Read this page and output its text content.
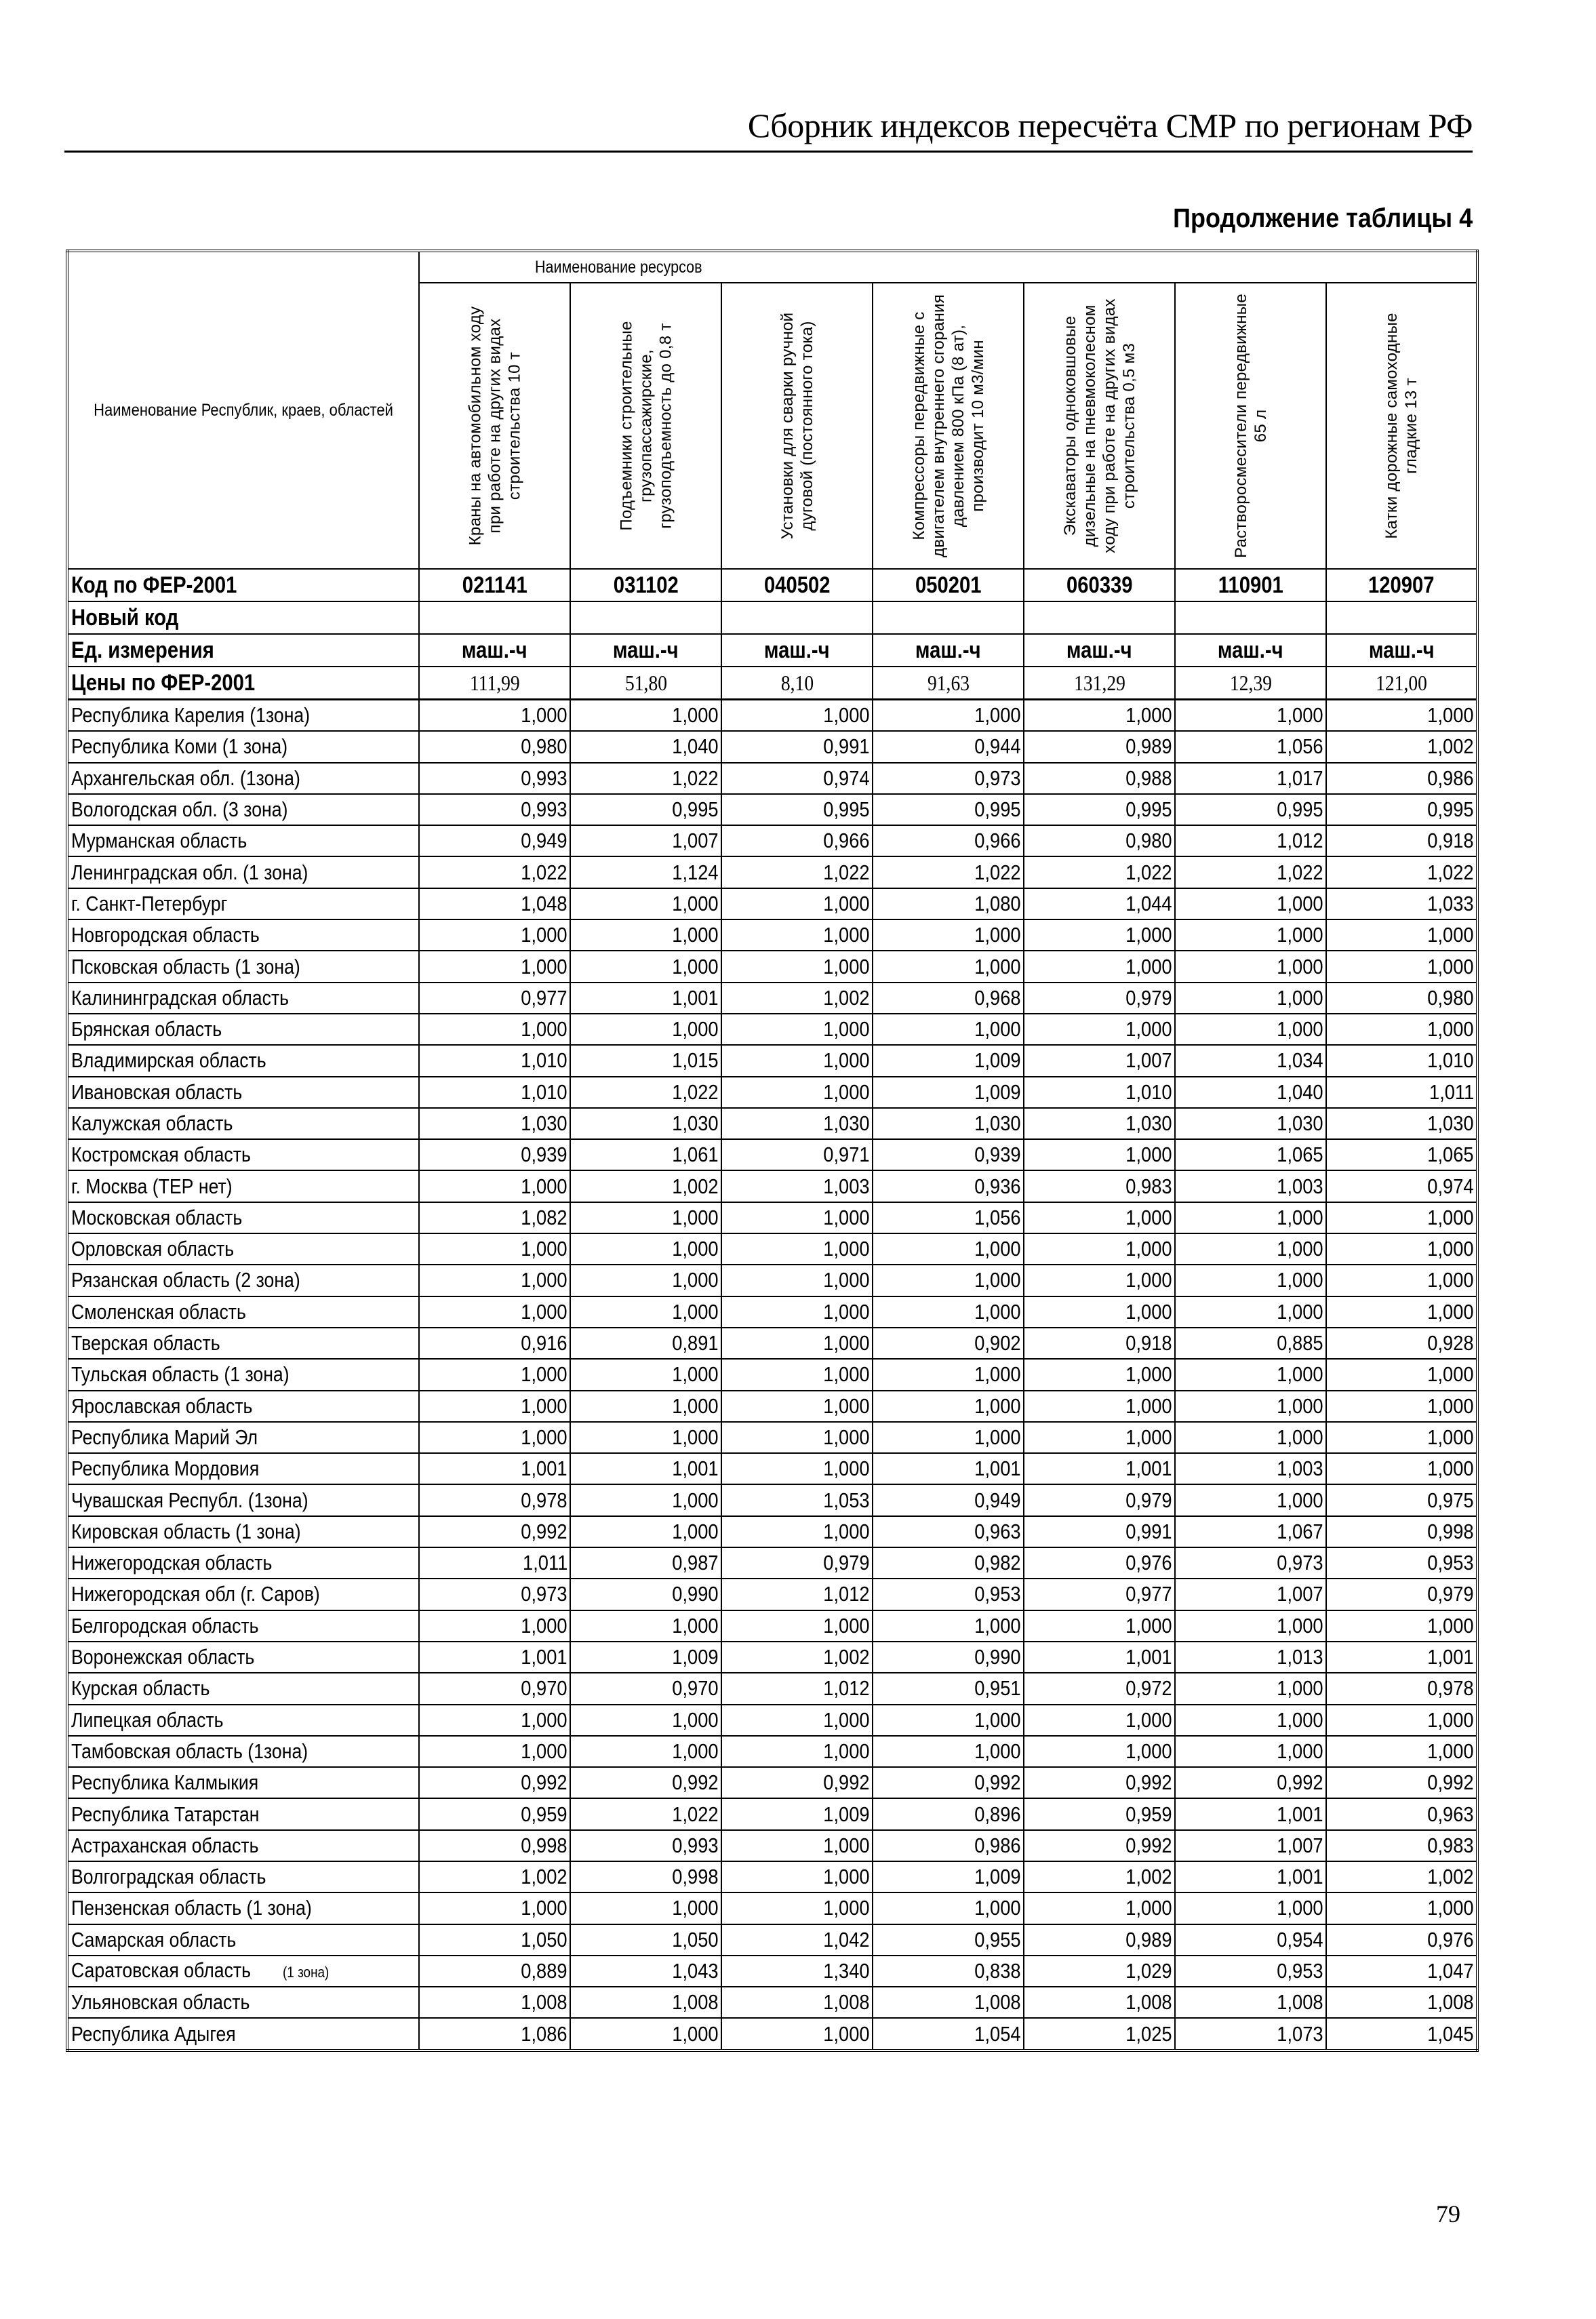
Сборник индексов пересчёта СМР по регионам РФ
Продолжение таблицы 4
Наименование Республик, краев, областей	Наименование ресурсов						

	Краны на автомобильном ходу при работе на других видах строительства 10 т	Подъемники строительные грузопассажирские, грузоподъемность до 0,8 т	Установки для сварки ручной дуговой (постоянного тока)	Компрессоры передвижные с двигателем внутреннего сгорания давлением 800 кПа (8 ат), производит 10 м3/мин	Экскаваторы одноковшовые дизельные на пневмоколесном ходу при работе на других видах строительства 0,5 м3	Растворосмесители передвижные 65 л	Катки дорожные самоходные гладкие 13 т

Код по ФЕР-2001	021141	031102	040502	050201	060339	110901	120907
Новый код							
Ед. измерения	маш.-ч	маш.-ч	маш.-ч	маш.-ч	маш.-ч	маш.-ч	маш.-ч
Цены по ФЕР-2001	111,99	51,80	8,10	91,63	131,29	12,39	121,00
Республика Карелия (1зона)	1,000	1,000	1,000	1,000	1,000	1,000	1,000
Республика Коми (1 зона)	0,980	1,040	0,991	0,944	0,989	1,056	1,002
Архангельская обл. (1зона)	0,993	1,022	0,974	0,973	0,988	1,017	0,986
Вологодская обл. (3 зона)	0,993	0,995	0,995	0,995	0,995	0,995	0,995
Мурманская область	0,949	1,007	0,966	0,966	0,980	1,012	0,918
Ленинградская обл. (1 зона)	1,022	1,124	1,022	1,022	1,022	1,022	1,022
г. Санкт-Петербург	1,048	1,000	1,000	1,080	1,044	1,000	1,033
Новгородская область	1,000	1,000	1,000	1,000	1,000	1,000	1,000
Псковская область (1 зона)	1,000	1,000	1,000	1,000	1,000	1,000	1,000
Калининградская область	0,977	1,001	1,002	0,968	0,979	1,000	0,980
Брянская область	1,000	1,000	1,000	1,000	1,000	1,000	1,000
Владимирская область	1,010	1,015	1,000	1,009	1,007	1,034	1,010
Ивановская область	1,010	1,022	1,000	1,009	1,010	1,040	1,011
Калужская область	1,030	1,030	1,030	1,030	1,030	1,030	1,030
Костромская область	0,939	1,061	0,971	0,939	1,000	1,065	1,065
г. Москва (ТЕР нет)	1,000	1,002	1,003	0,936	0,983	1,003	0,974
Московская область	1,082	1,000	1,000	1,056	1,000	1,000	1,000
Орловская область	1,000	1,000	1,000	1,000	1,000	1,000	1,000
Рязанская область (2 зона)	1,000	1,000	1,000	1,000	1,000	1,000	1,000
Смоленская область	1,000	1,000	1,000	1,000	1,000	1,000	1,000
Тверская область	0,916	0,891	1,000	0,902	0,918	0,885	0,928
Тульская область (1 зона)	1,000	1,000	1,000	1,000	1,000	1,000	1,000
Ярославская область	1,000	1,000	1,000	1,000	1,000	1,000	1,000
Республика Марий Эл	1,000	1,000	1,000	1,000	1,000	1,000	1,000
Республика Мордовия	1,001	1,001	1,000	1,001	1,001	1,003	1,000
Чувашская Республ. (1зона)	0,978	1,000	1,053	0,949	0,979	1,000	0,975
Кировская область (1 зона)	0,992	1,000	1,000	0,963	0,991	1,067	0,998
Нижегородская область	1,011	0,987	0,979	0,982	0,976	0,973	0,953
Нижегородская обл (г. Саров)	0,973	0,990	1,012	0,953	0,977	1,007	0,979
Белгородская область	1,000	1,000	1,000	1,000	1,000	1,000	1,000
Воронежская область	1,001	1,009	1,002	0,990	1,001	1,013	1,001
Курская область	0,970	0,970	1,012	0,951	0,972	1,000	0,978
Липецкая область	1,000	1,000	1,000	1,000	1,000	1,000	1,000
Тамбовская область (1зона)	1,000	1,000	1,000	1,000	1,000	1,000	1,000
Республика Калмыкия	0,992	0,992	0,992	0,992	0,992	0,992	0,992
Республика Татарстан	0,959	1,022	1,009	0,896	0,959	1,001	0,963
Астраханская область	0,998	0,993	1,000	0,986	0,992	1,007	0,983
Волгоградская область	1,002	0,998	1,000	1,009	1,002	1,001	1,002
Пензенская область (1 зона)	1,000	1,000	1,000	1,000	1,000	1,000	1,000
Самарская область	1,050	1,050	1,042	0,955	0,989	0,954	0,976
Саратовская область (1 зона)	0,889	1,043	1,340	0,838	1,029	0,953	1,047
Ульяновская область	1,008	1,008	1,008	1,008	1,008	1,008	1,008
Республика Адыгея	1,086	1,000	1,000	1,054	1,025	1,073	1,045
79
